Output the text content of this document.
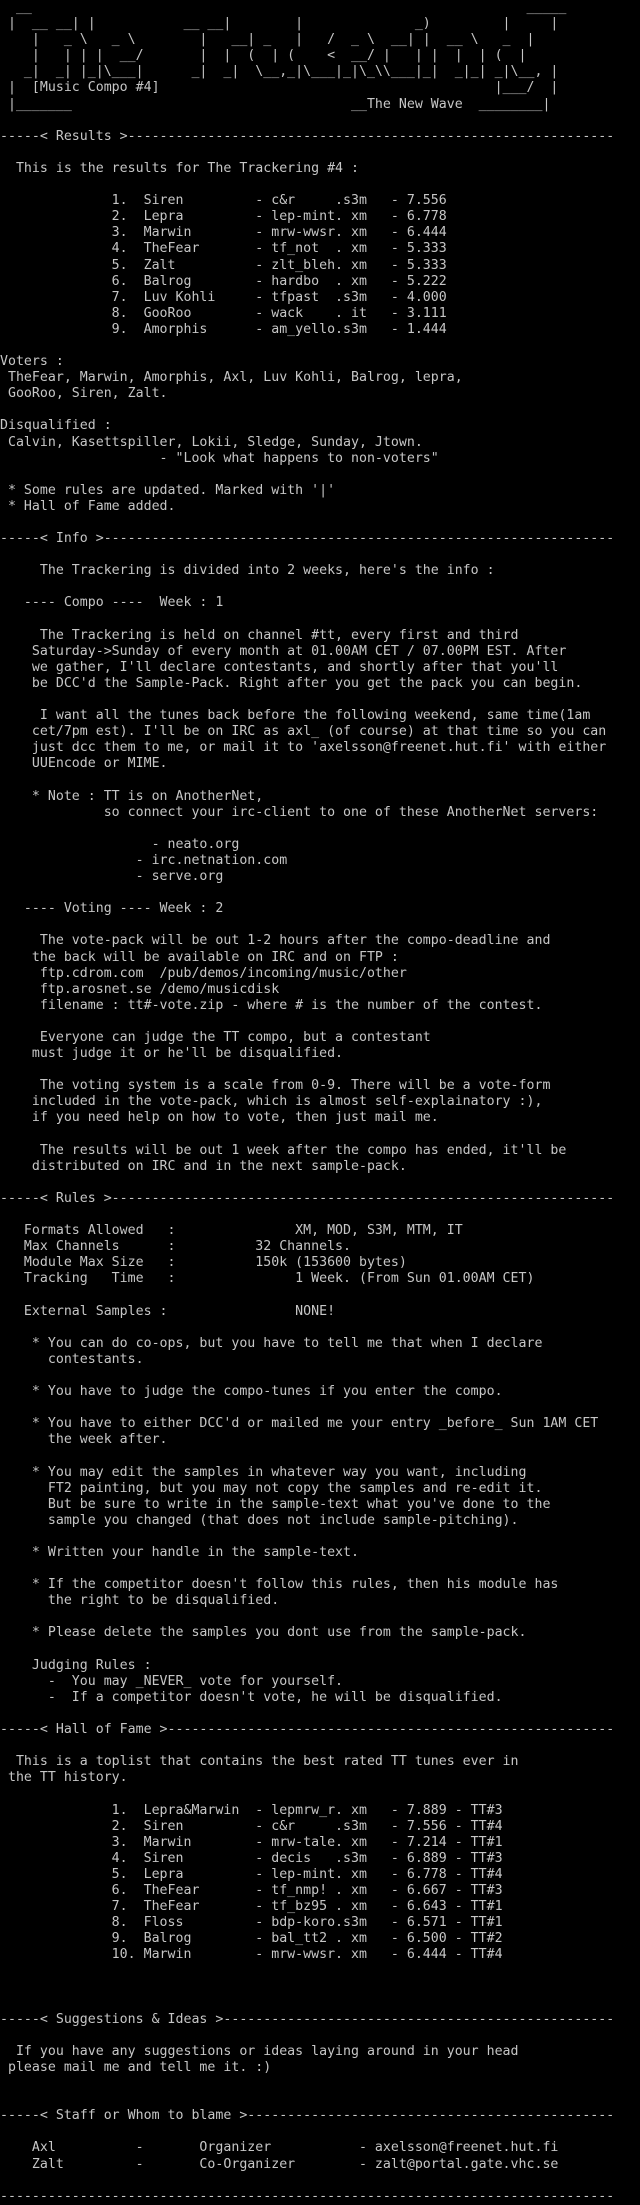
__                                                              _____
|  __ __| |           __ __|        |              _)         |     |
|   _ \   _ \        |   __| _   |   /  _ \  __| |  __ \   _  |
|   | | |  __/       |  |  (  | (    <  __/ |   | |  |  | (  |
_|  _| |_|\___|      _|  _|  \__,_|\___|_|\_\\___|_|  _|_| _|\__, |
|  [Music Compo #4]                                          |___/  |
|_______                                   __The New Wave  ________|
-----< Results >-------------------------------------------------------------
This is the results for The Trackering #4 :
1.  Siren         - c&r     .s3m   - 7.556
2.  Lepra         - lep-mint. xm   - 6.778
3.  Marwin        - mrw-wwsr. xm   - 6.444
4.  TheFear       - tf_not  . xm   - 5.333
5.  Zalt          - zlt_bleh. xm   - 5.333
6.  Balrog        - hardbo  . xm   - 5.222
7.  Luv Kohli     - tfpast  .s3m   - 4.000
8.  GooRoo        - wack    . it   - 3.111
9.  Amorphis      - am_yello.s3m   - 1.444
Voters :
TheFear, Marwin, Amorphis, Axl, Luv Kohli, Balrog, lepra,
GooRoo, Siren, Zalt.
Disqualified :
Calvin, Kasettspiller, Lokii, Sledge, Sunday, Jtown.
- "Look what happens to non-voters"
* Some rules are updated. Marked with '|'
* Hall of Fame added.
-----< Info >----------------------------------------------------------------
The Trackering is divided into 2 weeks, here's the info :
---- Compo ----  Week : 1
The Trackering is held on channel #tt, every first and third
Saturday->Sunday of every month at 01.00AM CET / 07.00PM EST. After
we gather, I'll declare contestants, and shortly after that you'll
be DCC'd the Sample-Pack. Right after you get the pack you can begin.
I want all the tunes back before the following weekend, same time(1am
cet/7pm est). I'll be on IRC as axl_ (of course) at that time so you can
just dcc them to me, or mail it to 'axelsson@freenet.hut.fi' with either
UUEncode or MIME.
* Note : TT is on AnotherNet,
so connect your irc-client to one of these AnotherNet servers:
- neato.org
- irc.netnation.com
- serve.org
---- Voting ---- Week : 2
The vote-pack will be out 1-2 hours after the compo-deadline and
the back will be available on IRC and on FTP :
ftp.cdrom.com  /pub/demos/incoming/music/other
ftp.arosnet.se /demo/musicdisk
filename : tt#-vote.zip - where # is the number of the contest.
Everyone can judge the TT compo, but a contestant
must judge it or he'll be disqualified.
The voting system is a scale from 0-9. There will be a vote-form
included in the vote-pack, which is almost self-explainatory :),
if you need help on how to vote, then just mail me.
The results will be out 1 week after the compo has ended, it'll be
distributed on IRC and in the next sample-pack.
-----< Rules >---------------------------------------------------------------
Formats Allowed   :               XM, MOD, S3M, MTM, IT
Max Channels      :          32 Channels.
Module Max Size   :          150k (153600 bytes)
Tracking   Time   :               1 Week. (From Sun 01.00AM CET)
External Samples :                NONE!
* You can do co-ops, but you have to tell me that when I declare
contestants.
* You have to judge the compo-tunes if you enter the compo.
* You have to either DCC'd or mailed me your entry _before_ Sun 1AM CET
the week after.
* You may edit the samples in whatever way you want, including
FT2 painting, but you may not copy the samples and re-edit it.
But be sure to write in the sample-text what you've done to the
sample you changed (that does not include sample-pitching).
* Written your handle in the sample-text.
* If the competitor doesn't follow this rules, then his module has
the right to be disqualified.
* Please delete the samples you dont use from the sample-pack.
Judging Rules :
-  You may _NEVER_ vote for yourself.
-  If a competitor doesn't vote, he will be disqualified.
-----< Hall of Fame >--------------------------------------------------------
This is a toplist that contains the best rated TT tunes ever in
the TT history.
1.  Lepra&Marwin  - lepmrw_r. xm   - 7.889 - TT#3
2.  Siren         - c&r     .s3m   - 7.556 - TT#4
3.  Marwin        - mrw-tale. xm   - 7.214 - TT#1
4.  Siren         - decis   .s3m   - 6.889 - TT#3
5.  Lepra         - lep-mint. xm   - 6.778 - TT#4
6.  TheFear       - tf_nmp! . xm   - 6.667 - TT#3
7.  TheFear       - tf_bz95 . xm   - 6.643 - TT#1
8.  Floss         - bdp-koro.s3m   - 6.571 - TT#1
9.  Balrog        - bal_tt2 . xm   - 6.500 - TT#2
10. Marwin        - mrw-wwsr. xm   - 6.444 - TT#4
-----< Suggestions & Ideas >-------------------------------------------------
If you have any suggestions or ideas laying around in your head
please mail me and tell me it. :)
-----< Staff or Whom to blame >----------------------------------------------
Axl          -       Organizer           - axelsson@freenet.hut.fi
Zalt         -       Co-Organizer        - zalt@portal.gate.vhc.se
-----------------------------------------------------------------------------
